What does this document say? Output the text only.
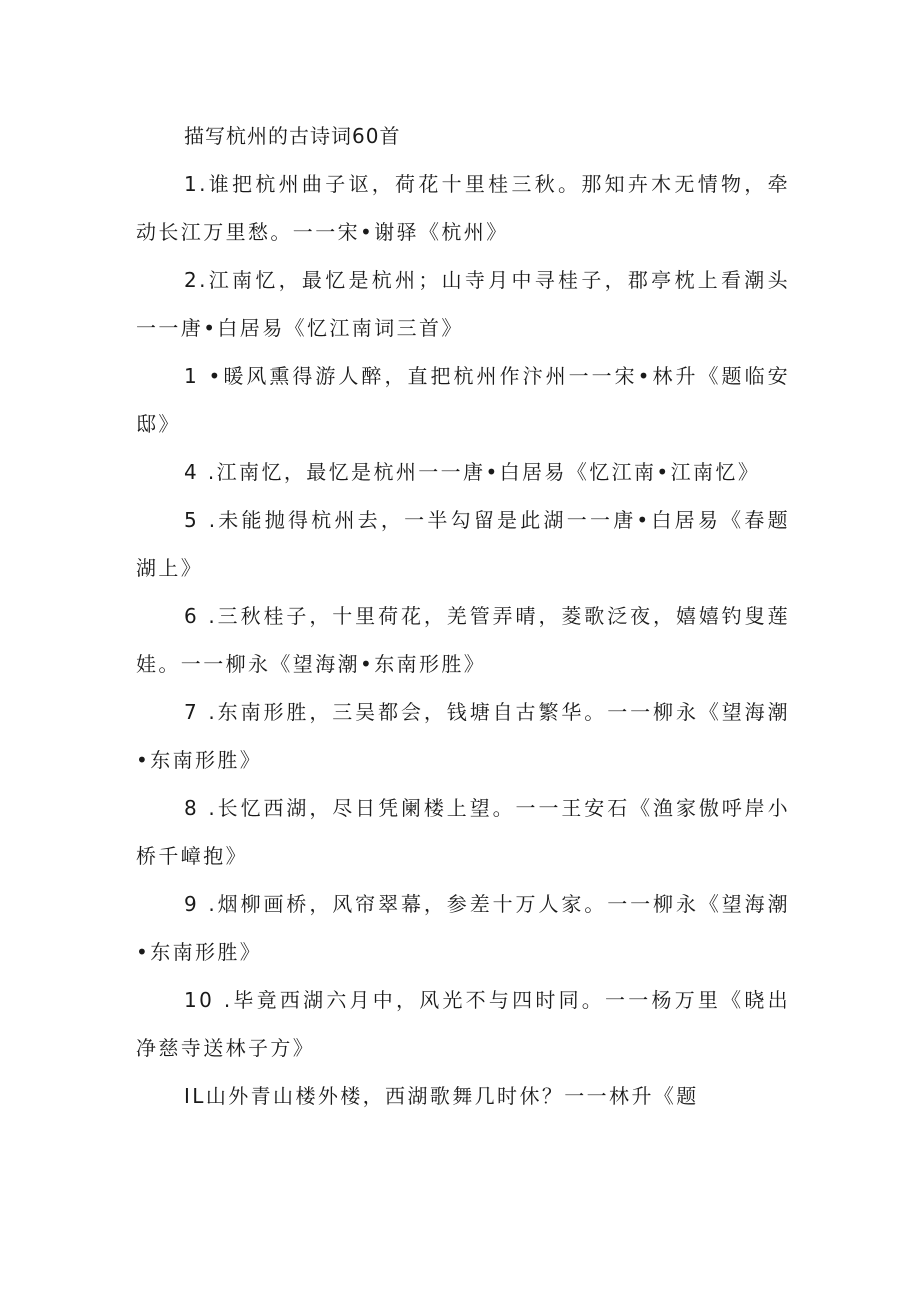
描写杭州的古诗词60首

1.谁把杭州曲子讴，荷花十里桂三秋。那知卉木无情物，牵动长江万里愁。一一宋•谢驿《杭州》

2.江南忆，最忆是杭州；山寺月中寻桂子，郡亭枕上看潮头一一唐•白居易《忆江南词三首》

1 •暖风熏得游人醉，直把杭州作汴州一一宋•林升《题临安邸》

4 .江南忆，最忆是杭州一一唐•白居易《忆江南•江南忆》

5 .未能抛得杭州去，一半勾留是此湖一一唐•白居易《春题湖上》

6 .三秋桂子，十里荷花，羌管弄晴，菱歌泛夜，嬉嬉钓叟莲娃。一一柳永《望海潮•东南形胜》

7 .东南形胜，三吴都会，钱塘自古繁华。一一柳永《望海潮•东南形胜》

8 .长忆西湖，尽日凭阑楼上望。一一王安石《渔家傲呼岸小桥千嶂抱》

9 .烟柳画桥，风帘翠幕，参差十万人家。一一柳永《望海潮•东南形胜》

10 .毕竟西湖六月中，风光不与四时同。一一杨万里《晓出净慈寺送林子方》

IL山外青山楼外楼，西湖歌舞几时休？一一林升《题
